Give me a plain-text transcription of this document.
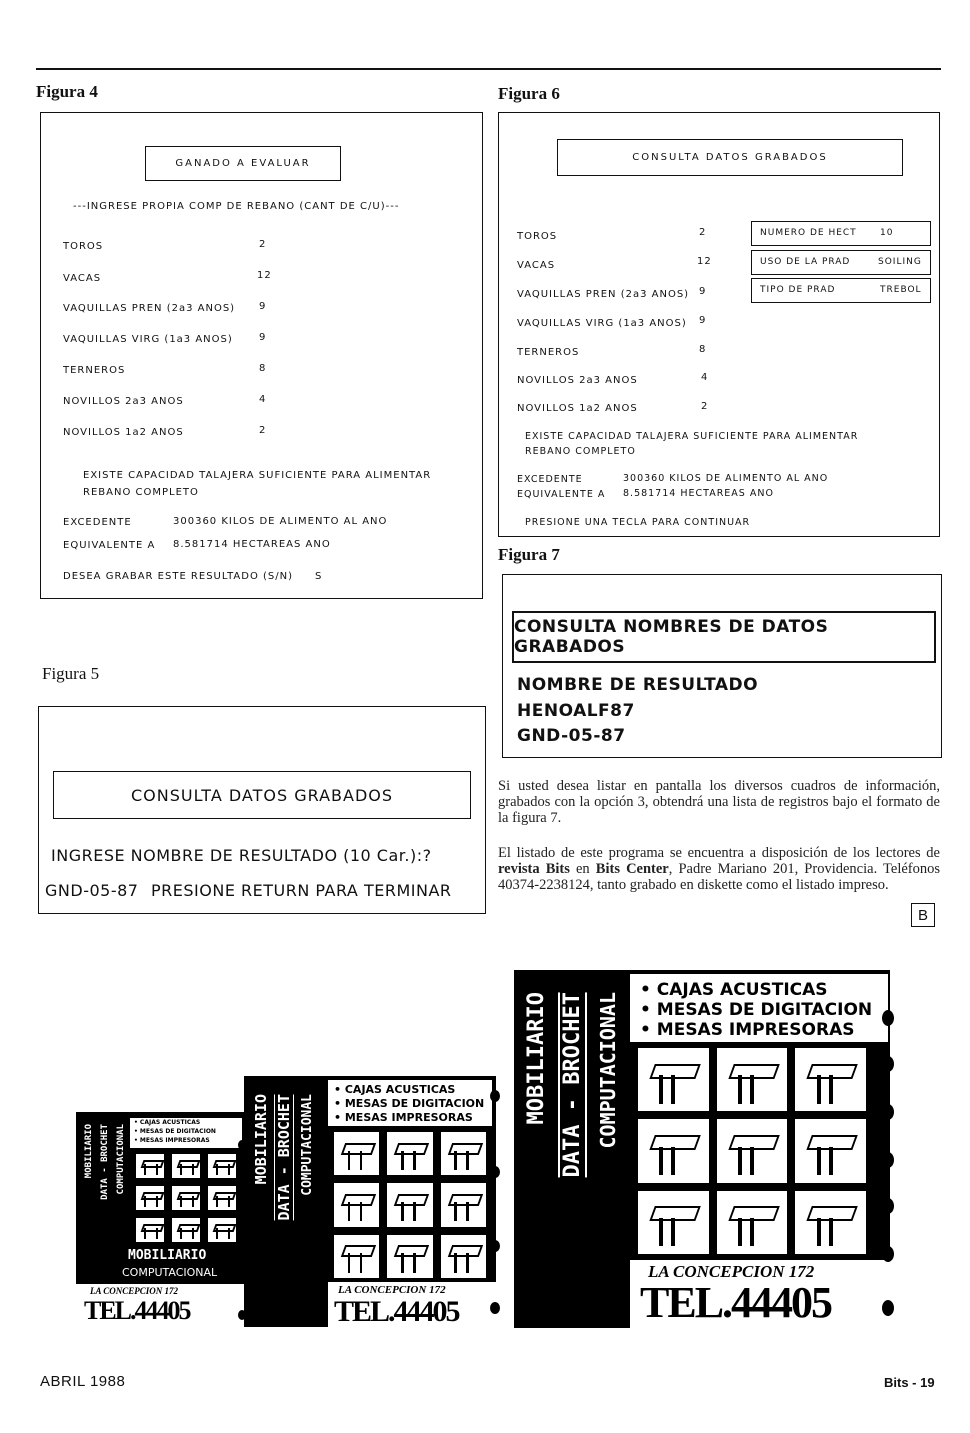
Figura 4
GANADO A EVALUAR
---INGRESE PROPIA COMP DE REBANO (CANT DE C/U)---
TOROS	2
VACAS	12
VAQUILLAS PREN (2a3 ANOS) 9
VAQUILLAS VIRG (1a3 ANOS)	9
TERNEROS	8
NOVILLOS 2a3 ANOS	4
NOVILLOS 1a2 ANOS	2
EXISTE CAPACIDAD TALAJERA SUFICIENTE PARA ALIMENTAR
REBANO COMPLETO
EXCEDENTE	300360 KILOS DE ALIMENTO AL ANO
EQUIVALENTE A 8.581714 HECTAREAS ANO
DESEA GRABAR ESTE RESULTADO (S/N) S
Figura 6
CONSULTA DATOS GRABADOS
TOROS	2
VACAS	12
VAQUILLAS PREN (2a3 ANOS) 9
VAQUILLAS VIRG (1a3 ANOS) 9
TERNEROS	8
NOVILLOS 2a3 ANOS	4
NOVILLOS 1a2 ANOS	2
NUMERO DE HECT	10
USO DE LA PRAD	SOILING
TIPO DE PRAD	TREBOL
EXISTE CAPACIDAD TALAJERA SUFICIENTE PARA ALIMENTAR
REBANO COMPLETO
EXCEDENTE	300360 KILOS DE ALIMENTO AL ANO
EQUIVALENTE A 8.581714 HECTAREAS ANO
PRESIONE UNA TECLA PARA CONTINUAR
Figura 7
CONSULTA NOMBRES DE DATOS GRABADOS
NOMBRE DE RESULTADO
HENOALF87
GND-05-87
Figura 5
CONSULTA DATOS GRABADOS
INGRESE NOMBRE DE RESULTADO (10 Car.):?
GND-05-87 PRESIONE RETURN PARA TERMINAR
Si usted desea listar en pantalla los diversos cuadros de información, grabados con la opción 3, obtendrá una lista de registros bajo el formato de la figura 7.
El listado de este programa se encuentra a disposición de los lectores de revista Bits en Bits Center, Padre Mariano 201, Providencia. Teléfonos 40374-2238124, tanto grabado en diskette como el listado impreso.
B
MOBILIARIO DATA - BROCHET COMPUTACIONAL
• CAJAS ACUSTICAS
• MESAS DE DIGITACION
• MESAS IMPRESORAS
MOBILIARIO
COMPUTACIONAL
LA CONCEPCION 172
TEL.44405
MOBILIARIO DATA - BROCHET COMPUTACIONAL
• CAJAS ACUSTICAS
• MESAS DE DIGITACION
• MESAS IMPRESORAS
LA CONCEPCION 172
TEL.44405
MOBILIARIO DATA - BROCHET COMPUTACIONAL
• CAJAS ACUSTICAS
• MESAS DE DIGITACION
• MESAS IMPRESORAS
LA CONCEPCION 172
TEL.44405
ABRIL 1988	Bits - 19
